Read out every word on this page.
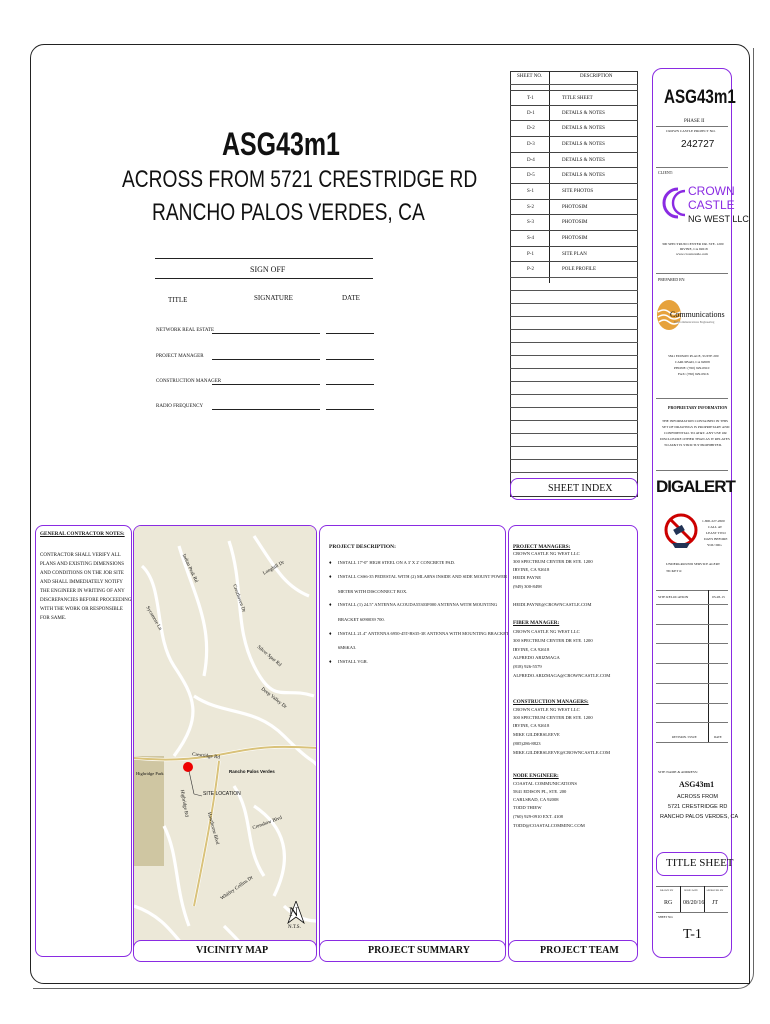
ASG43m1
ACROSS FROM 5721 CRESTRIDGE RD
RANCHO PALOS VERDES, CA
SIGN OFF
TITLE	SIGNATURE	DATE
NETWORK REAL ESTATE
PROJECT MANAGER
CONSTRUCTION MANAGER
RADIO FREQUENCY
SHEET NO.	DESCRIPTION
T-1	TITLE SHEET
D-1	DETAILS & NOTES
D-2	DETAILS & NOTES
D-3	DETAILS & NOTES
D-4	DETAILS & NOTES
D-5	DETAILS & NOTES
S-1	SITE PHOTOS
S-2	PHOTOSIM
S-3	PHOTOSIM
S-4	PHOTOSIM
P-1	SITE PLAN
P-2	POLE PROFILE
SHEET INDEX
ASG43m1
PHASE II
CROWN CASTLE PROJECT NO.
242727
CLIENT:
CROWN
CASTLE
NG WEST LLC
300 SPECTRUM CENTER DR. STE. 1200
IRVINE, CA 92618
www.crowncastle.com
PREPARED BY:
Communications
Telecommunications Engineering
5841 EDISON PLACE, SUITE 200
CARLSBAD, CA 92008
PHONE: (760) 929-0910
FAX: (760) 929-0916
PROPRIETARY INFORMATION
THE INFORMATION CONTAINED IN THIS
SET OF DRAWINGS IS PROPRIETARY AND
CONFIDENTIAL TO AT&T. ANY USE OR
DISCLOSURE OTHER THAN AS IT RELATES
TO AT&T IS STRICTLY PROHIBITED.
DIGALERT
1-800-227-2600
CALL AT
LEAST TWO
DAYS BEFORE
YOU DIG
UNDERGROUND SERVICE ALERT
TICKET #:
SITE RELOCATION	03-28-15
REVISION / ISSUE	DATE
SITE NAME & ADDRESS:
ASG43m1
ACROSS FROM
5721 CRESTRIDGE RD
RANCHO PALOS VERDES, CA
TITLE SHEET
DRAWN BY	ISSUE DATE	APPROVED BY
RG 08/20/16 JT
SHEET NO.
T-1
GENERAL CONTRACTOR NOTES:
CONTRACTOR SHALL VERIFY ALL
PLANS AND EXISTING DIMENSIONS
AND CONDITIONS ON THE JOB SITE
AND SHALL IMMEDIATELY NOTIFY
THE ENGINEER IN WRITING OF ANY
DISCREPANCIES BEFORE PROCEEDING
WITH THE WORK OR RESPONSIBLE
FOR SAME.
Crestridge Rd
Rancho Palos Verdes
Highridge Rd
Indian Peak Rd
Deep Valley Dr
Silver Spur Rd
Hawthorne Blvd	Crenshaw Blvd
Longhill Dr
Cresthaven Dr
Highridge Park
Sycamore Ln
Whitley Collins Dr
SITE LOCATION
N
N.T.S.
VICINITY MAP
PROJECT DESCRIPTION:
♦ INSTALL 17'-0" HIGH STEEL ON A 3' X 2' CONCRETE PAD.
♦ INSTALL CSS6-35 PEDESTAL WITH (2) MLA8NS INSIDE AND SIDE MOUNT POWER
METER WITH DISCONNECT BOX.
♦ INSTALL (1) 24.5" ANTENNA ACOUDA55303F000 ANTENNA WITH MOUNTING
BRACKET 6090039 700.
♦ INSTALL 21.4" ANTENNA 6950-45T-BS35-3E ANTENNA WITH MOUNTING BRACKET
6M6KA3.
♦ INSTALL VGR.
PROJECT SUMMARY
PROJECT MANAGERS:
CROWN CASTLE NG WEST LLC
300 SPECTRUM CENTER DR STE. 1200
IRVINE, CA 92618
HEIDI PAYNE
(949) 300-8498
HEIDI.PAYNE@CROWNCASTLE.COM
FIBER MANAGER:
CROWN CASTLE NG WEST LLC
300 SPECTRUM CENTER DR STE. 1200
IRVINE, CA 92618
ALFREDO ARIZMAGA
(818) 926-5579
ALFREDO.ARIZMAGA@CROWNCASTLE.COM
CONSTRUCTION MANAGERS:
CROWN CASTLE NG WEST LLC
300 SPECTRUM CENTER DR STE. 1200
IRVINE, CA 92618
MIKE GILDERSLEEVE
(805)286-8823
MIKE.GILDERSLEEVE@CROWNCASTLE.COM
NODE ENGINEER:
COASTAL COMMUNICATIONS
5841 EDISON PL, STE. 200
CARLSBAD, CA 92008
TODD THIEW
(760) 929-0910 EXT. 4108
TODD@COASTALCOMMINC.COM
PROJECT TEAM
